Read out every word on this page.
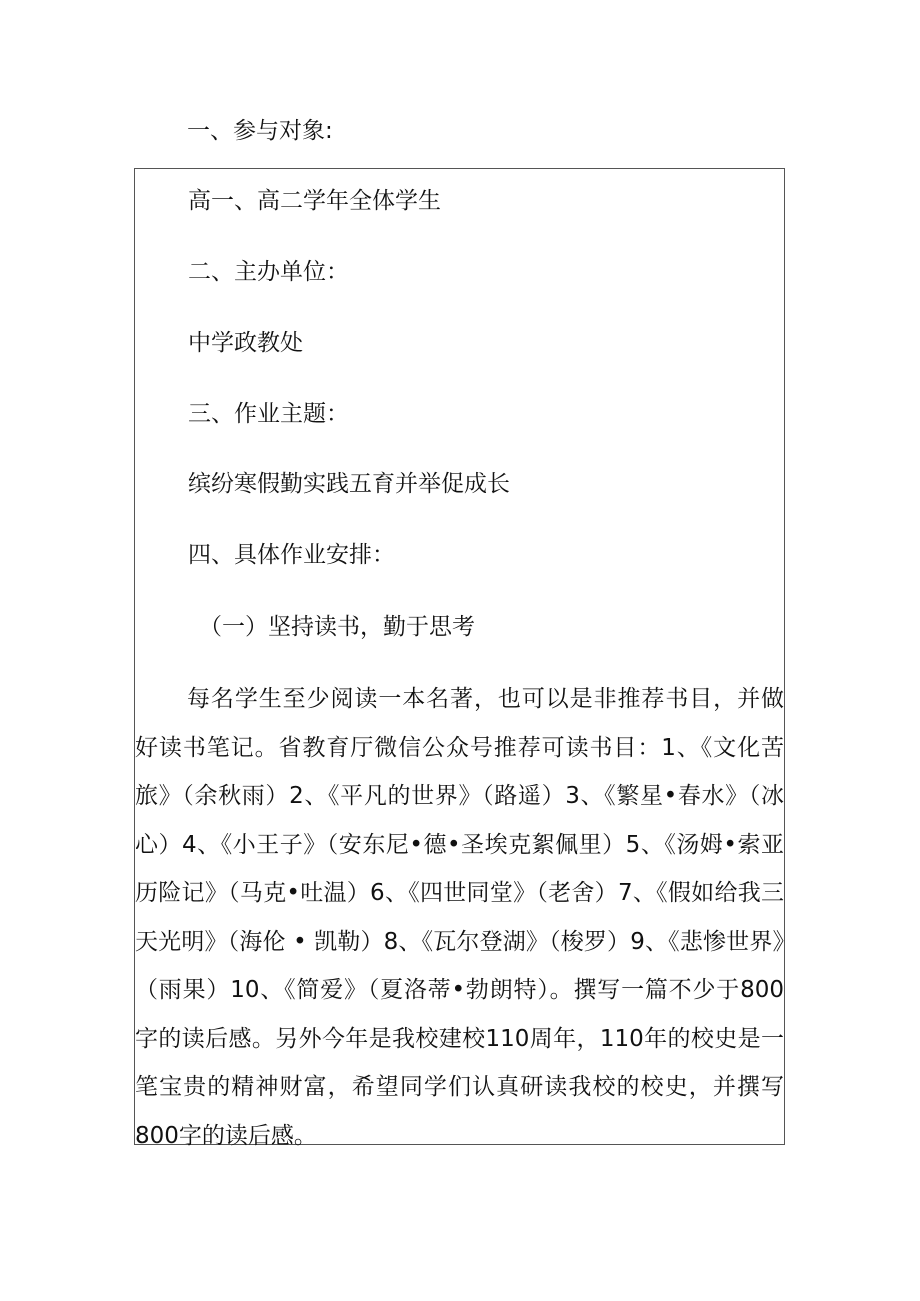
一、参与对象:
高一、高二学年全体学生
二、主办单位：
中学政教处
三、作业主题：
缤纷寒假勤实践五育并举促成长
四、具体作业安排：
（一）坚持读书，勤于思考
每名学生至少阅读一本名著，也可以是非推荐书目，并做好读书笔记。省教育厅微信公众号推荐可读书目：1、《文化苦旅》（余秋雨）2、《平凡的世界》（路遥）3、《繁星•春水》（冰心）4、《小王子》（安东尼•德•圣埃克絮佩里）5、《汤姆•索亚历险记》（马克•吐温）6、《四世同堂》（老舍）7、《假如给我三天光明》（海伦 • 凯勒）8、《瓦尔登湖》（梭罗）9、《悲惨世界》（雨果）10、《简爱》（夏洛蒂•勃朗特）。撰写一篇不少于800字的读后感。另外今年是我校建校110周年，110年的校史是一笔宝贵的精神财富，希望同学们认真研读我校的校史，并撰写800字的读后感。
